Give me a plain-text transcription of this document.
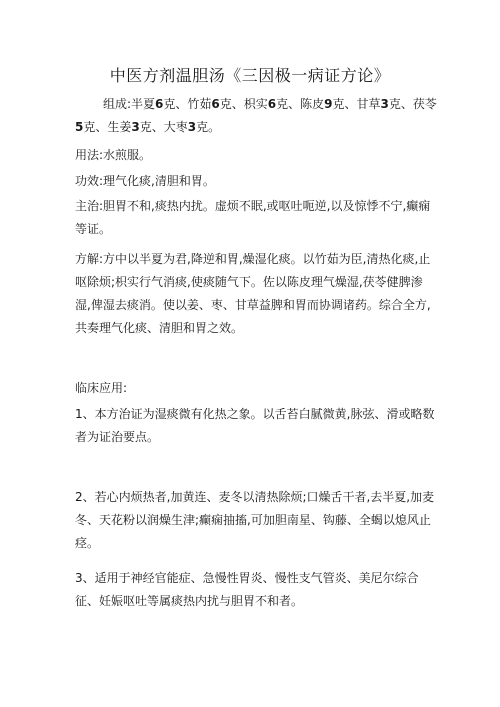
中医方剂温胆汤《三因极一病证方论》

组成:半夏6克、竹茹6克、枳实6克、陈皮9克、甘草3克、茯苓5克、生姜3克、大枣3克。

用法:水煎服。

功效:理气化痰,清胆和胃。

主治:胆胃不和,痰热内扰。虚烦不眠,或呕吐呃逆,以及惊悸不宁,癫痫等证。

方解:方中以半夏为君,降逆和胃,燥湿化痰。以竹茹为臣,清热化痰,止呕除烦;枳实行气消痰,使痰随气下。佐以陈皮理气燥湿,茯苓健脾渗湿,俾湿去痰消。使以姜、枣、甘草益脾和胃而协调诸药。综合全方,共奏理气化痰、清胆和胃之效。

临床应用:

1、本方治证为湿痰微有化热之象。以舌苔白腻微黄,脉弦、滑或略数者为证治要点。

2、若心内烦热者,加黄连、麦冬以清热除烦;口燥舌干者,去半夏,加麦冬、天花粉以润燥生津;癫痫抽搐,可加胆南星、钩藤、全蝎以熄风止痉。

3、适用于神经官能症、急慢性胃炎、慢性支气管炎、美尼尔综合征、妊娠呕吐等属痰热内扰与胆胃不和者。
